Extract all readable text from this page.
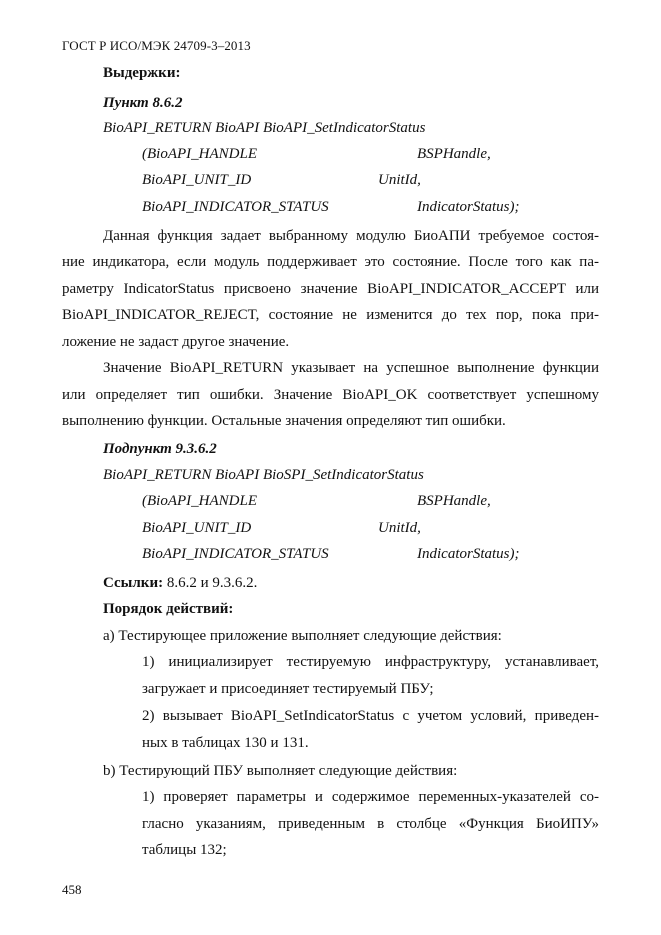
ГОСТ Р ИСО/МЭК 24709-3–2013
Выдержки:
Пункт 8.6.2
BioAPI_RETURN BioAPI BioAPI_SetIndicatorStatus
(BioAPI_HANDLE	BSPHandle,
BioAPI_UNIT_ID	UnitId,
BioAPI_INDICATOR_STATUS	IndicatorStatus);
Данная функция задает выбранному модулю БиоАПИ требуемое состоя-
ние индикатора, если модуль поддерживает это состояние. После того как па-
раметру IndicatorStatus присвоено значение BioAPI_INDICATOR_ACCEPT или
BioAPI_INDICATOR_REJECT, состояние не изменится до тех пор, пока при-
ложение не задаст другое значение.
Значение BioAPI_RETURN указывает на успешное выполнение функции
или определяет тип ошибки. Значение BioAPI_OK соответствует успешному
выполнению функции. Остальные значения определяют тип ошибки.
Подпункт 9.3.6.2
BioAPI_RETURN BioAPI BioSPI_SetIndicatorStatus
(BioAPI_HANDLE	BSPHandle,
BioAPI_UNIT_ID	UnitId,
BioAPI_INDICATOR_STATUS	IndicatorStatus);
Ссылки: 8.6.2 и 9.3.6.2.
Порядок действий:
a) Тестирующее приложение выполняет следующие действия:
1) инициализирует тестируемую инфраструктуру, устанавливает,
загружает и присоединяет тестируемый ПБУ;
2) вызывает BioAPI_SetIndicatorStatus с учетом условий, приведен-
ных в таблицах 130 и 131.
b) Тестирующий ПБУ выполняет следующие действия:
1) проверяет параметры и содержимое переменных-указателей со-
гласно указаниям, приведенным в столбце «Функция БиоИПУ»
таблицы 132;
458
